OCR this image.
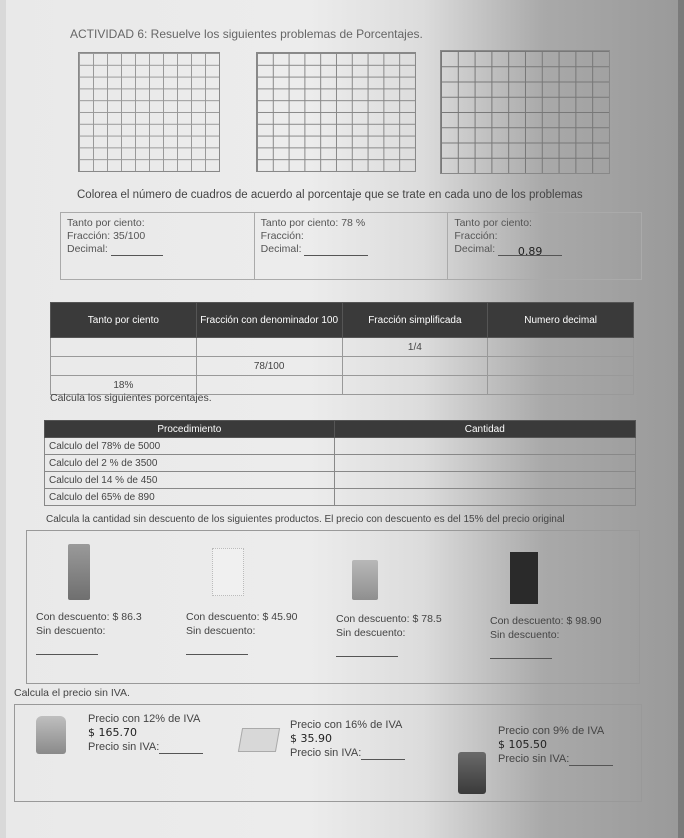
ACTIVIDAD 6: Resuelve los siguientes problemas de Porcentajes.
Colorea el número de cuadros de acuerdo al porcentaje que se trate en cada uno de los problemas
Tanto por ciento:
Fracción: 35/100
Decimal:
Tanto por ciento: 78 %
Fracción:
Decimal:
Tanto por ciento:
Fracción:
Decimal: 0.89
Tanto por ciento	Fracción con denominador 100	Fracción simplificada	Numero decimal
		1/4	
	78/100		
18%			
Calcula los siguientes porcentajes.
Procedimiento	Cantidad
Calculo del 78% de 5000	
Calculo del 2 % de 3500	
Calculo del 14 % de 450	
Calculo del 65% de 890	
Calcula la cantidad sin descuento de los siguientes productos. El precio con descuento es del 15% del precio original
Con descuento: $ 86.3
Sin descuento:
Con descuento: $ 45.90
Sin descuento:
Con descuento: $ 78.5
Sin descuento:
Con descuento: $ 98.90
Sin descuento:
Calcula el precio sin IVA.
Precio con 12% de IVA
$ 165.70
Precio sin IVA:
Precio con 16% de IVA
$ 35.90
Precio sin IVA:
Precio con 9% de IVA
$ 105.50
Precio sin IVA:
